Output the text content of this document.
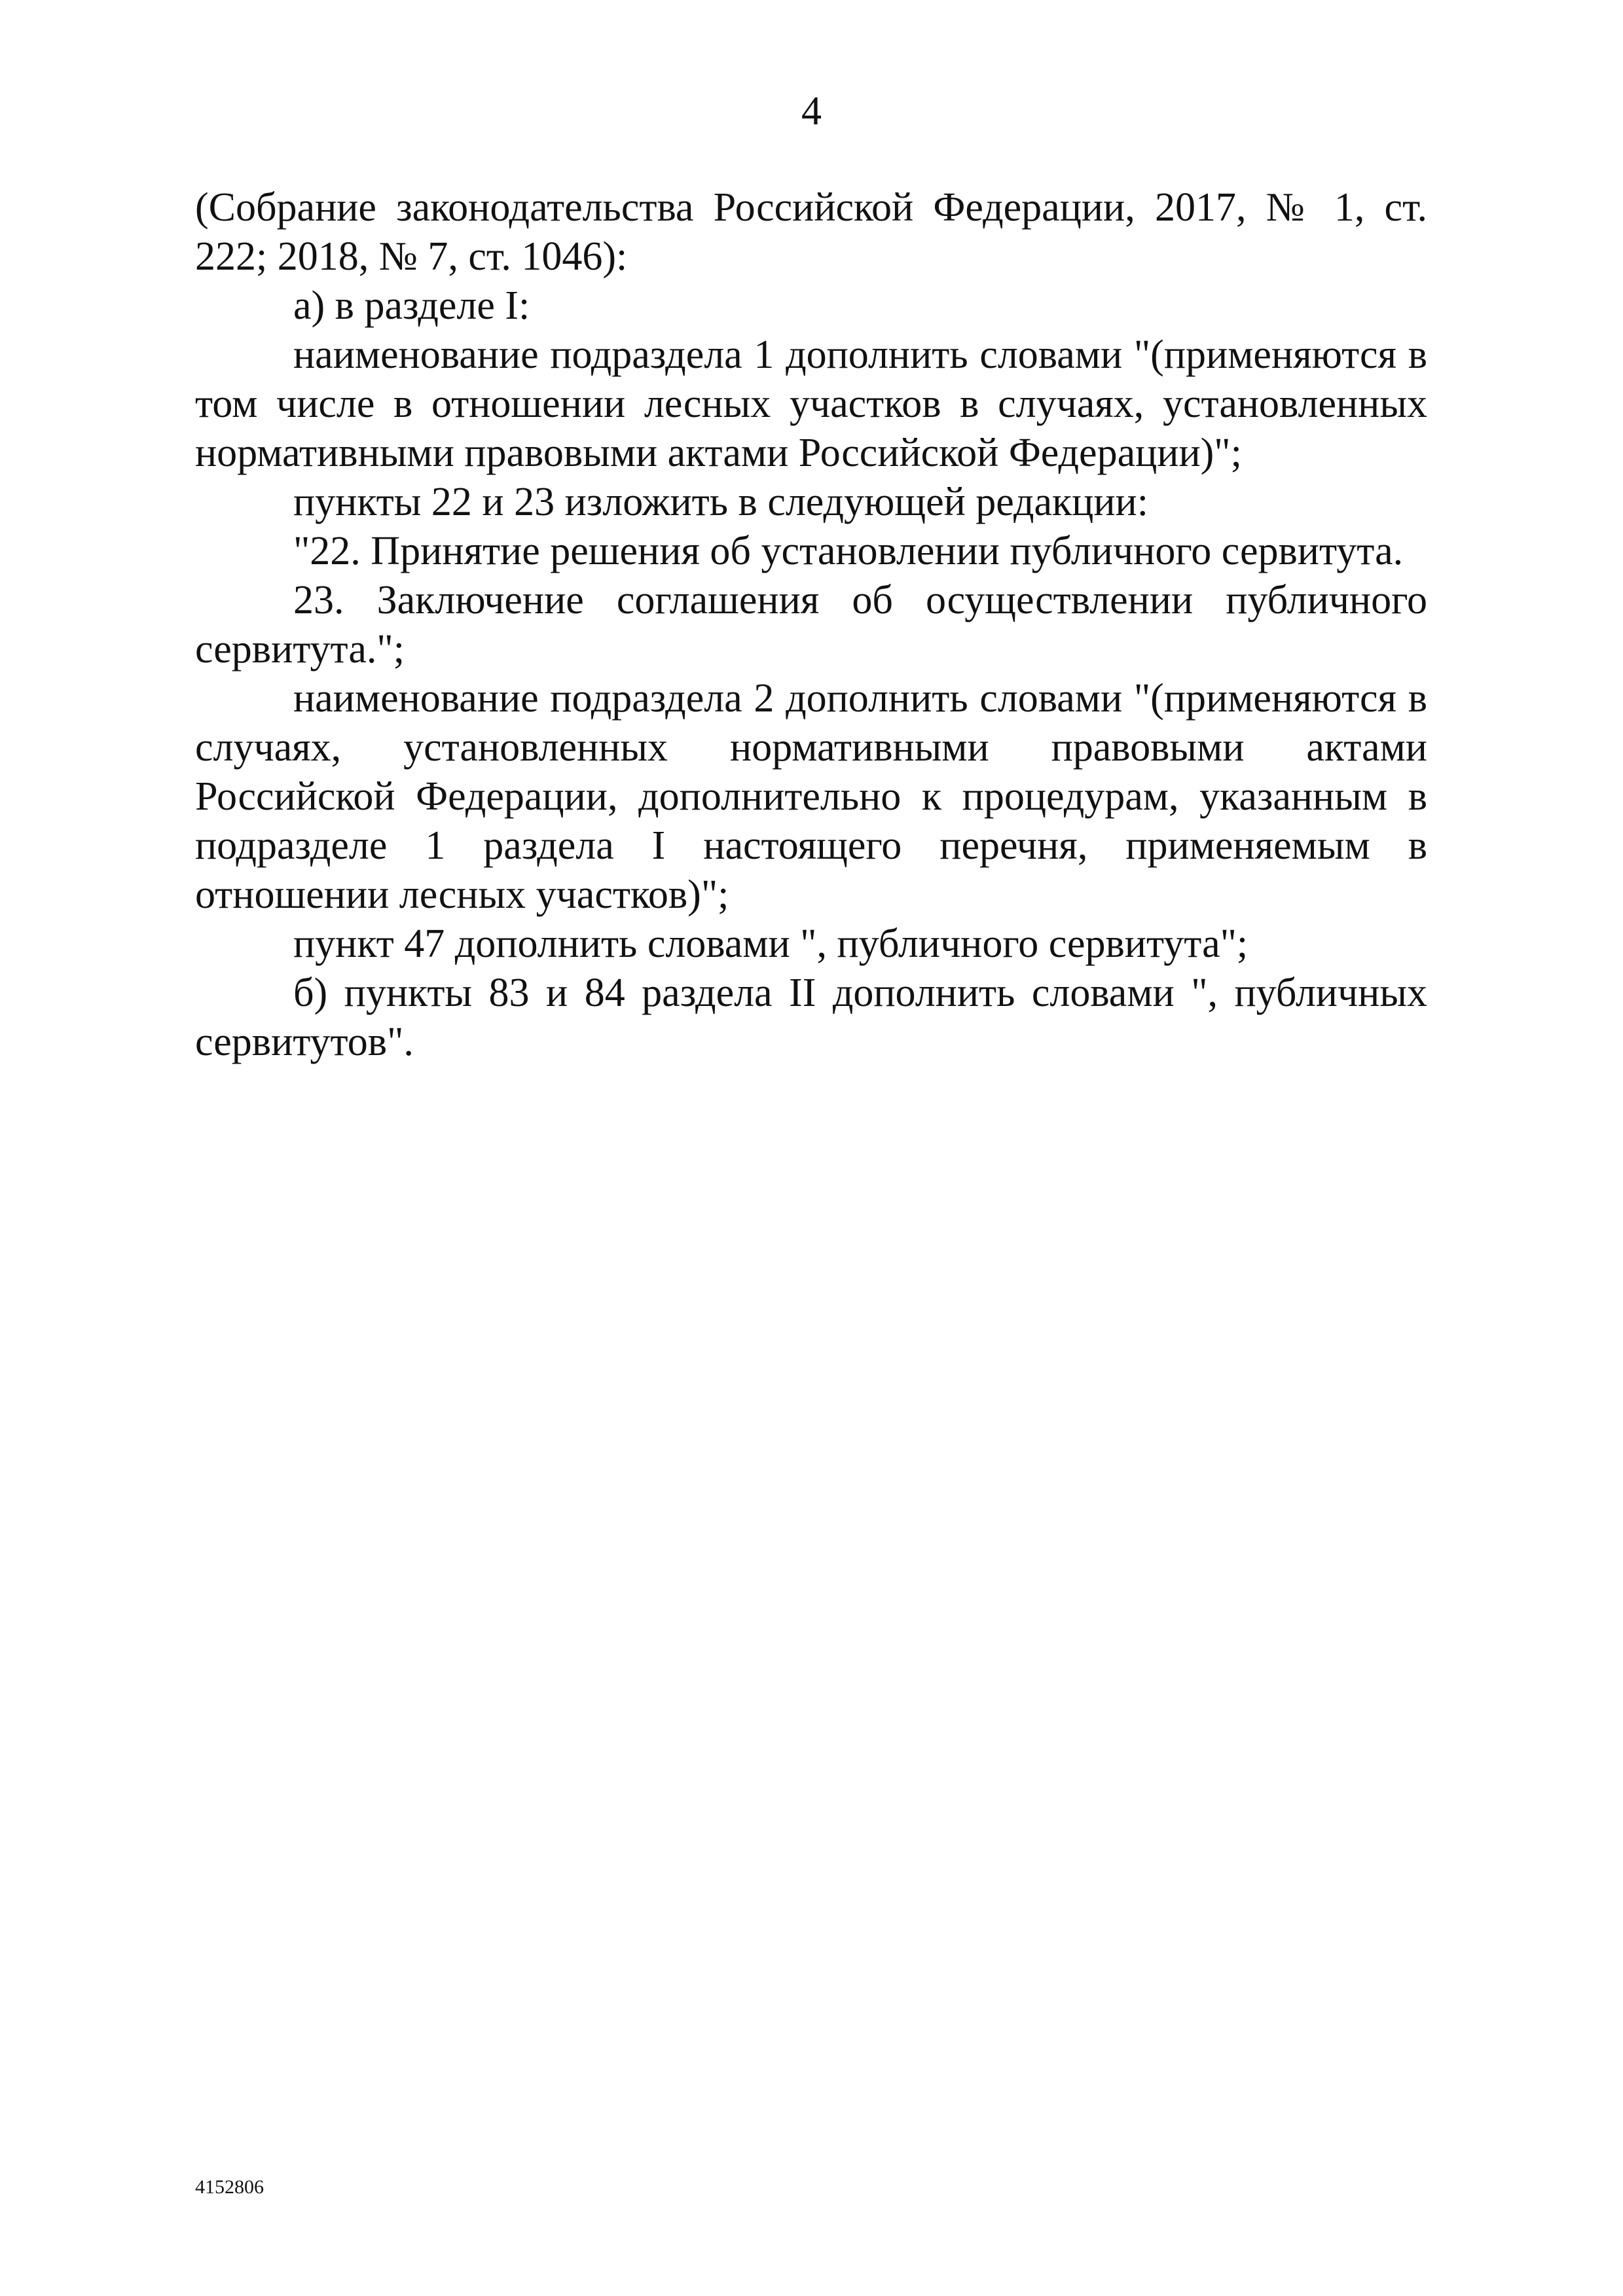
4

(Собрание законодательства Российской Федерации, 2017, № 1, ст. 222; 2018, № 7, ст. 1046):

а) в разделе I:

наименование подраздела 1 дополнить словами "(применяются в том числе в отношении лесных участков в случаях, установленных нормативными правовыми актами Российской Федерации)";

пункты 22 и 23 изложить в следующей редакции:

"22. Принятие решения об установлении публичного сервитута.

23. Заключение соглашения об осуществлении публичного сервитута.";

наименование подраздела 2 дополнить словами "(применяются в случаях, установленных нормативными правовыми актами Российской Федерации, дополнительно к процедурам, указанным в подразделе 1 раздела I настоящего перечня, применяемым в отношении лесных участков)";

пункт 47 дополнить словами ", публичного сервитута";

б) пункты 83 и 84 раздела II дополнить словами ", публичных сервитутов".

4152806
